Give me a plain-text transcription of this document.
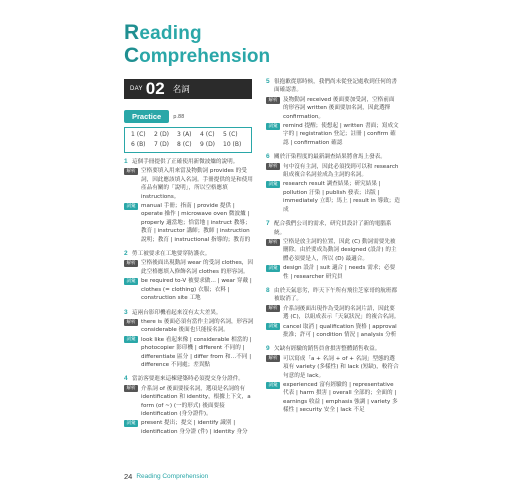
Reading
Comprehension
DAY 02 名詞
Practice	p.88
1 (C)	2 (D)	3 (A)	4 (C)	5 (C)
6 (B)	7 (D)	8 (C)	9 (D)	10 (B)
1 這個手冊提供了正確使用新微波爐的說明。
解析 空格要填入用來當及物動詞 provides 的受詞，因此應該填入名詞。手冊提供的是和使用產品有關的「說明」，所以空格應填 instructions。
詞彙 manual 手冊；指南 | provide 提供 | operate 操作 | microwave oven 微波爐 | properly 適當地；恰當地 | instruct 教導；教育 | instructor 講師；教師 | instruction 說明；教育 | instructional 指導的；教育的
2 勞工被要求在工地要穿防護衣。
解析 空格後面出現動詞 wear 的受詞 clothes，因此空格應填入修飾名詞 clothes 的形容詞。
詞彙 be required to-V 被要求做… | wear 穿戴 | clothes (= clothing) 衣服；衣料 | construction site 工地
3 這兩台影印機看起來沒有太大差異。
解析 there is 後面必須有當作主詞的名詞，形容詞 considerable 後面也只能接名詞。
詞彙 look like 看起來像 | considerable 相當的 | photocopier 影印機 | different 不同的 | differentiate 區分 | differ from 和…不同 | difference 不同處；差異點
4 當訪客要進來這棟建築時必須提交身分證件。
解析 介系詞 of 後面要接名詞，選項是名詞的有 identification 和 identity，根據上下文，a form (of ~) (一的形式) 後面要接 identification (身分證件)。
詞彙 present 提出；提交 | identify 識別 | identification 身分證 (件) | identity 身分
5 很抱歉從那時候，我們尚未從登記處收到任何的書面確認書。
解析 及物動詞 received 後面要加受詞，空格前面的形容詞 written 後面要加名詞，因此選擇 confirmation。
詞彙 remind 提醒；使想起 | written 書面；寫成文字的 | registration 登記；註冊 | confirm 確認 | confirmation 確認
6 關於汗染程度的最新調查結果將會馬上發表。
解析 句中沒有主詞，因此必須找到可以和 research 組成複合名詞並成為主詞的名詞。
詞彙 research result 調查結果；研究結果 | pollution 汙染 | publish 發表；出版 | immediately 立即；馬上 | result in 導致；造成
7 配合我們公司的需求，研究員設計了新的電腦系統。
解析 空格是放主詞的位置，因此 (C) 動詞需要先被刪除。由於要成為動詞 designed (設計) 的主體必須要是人，所以 (D) 最適合。
詞彙 design 設計 | suit 適合 | needs 需求；必要性 | researcher 研究員
8 由於天氣惡劣，昨天下午所有飛往芝家哥的航班都被取消了。
解析 介系詞後面出現作為受詞的名詞片語，因此要選 (C)，以組成表示「天氣狀況」的複合名詞。
詞彙 cancel 取消 | qualification 資格 | approval 批准；許可 | condition 情況 | analysis 分析
9 欠缺有經驗的銷售員會損害整體銷售收益。
解析 可以寫成「a + 名詞 + of + 名詞」型態的選項有 variety (多樣性) 和 lack (短缺)，較符合句意的是 lack。
詞彙 experienced 富有經驗的 | representative 代表 | harm 損害 | overall 全部的；全面的 | earnings 收益 | emphasis 強調 | variety 多樣性 | security 安全 | lack 不足
24 Reading Comprehension
